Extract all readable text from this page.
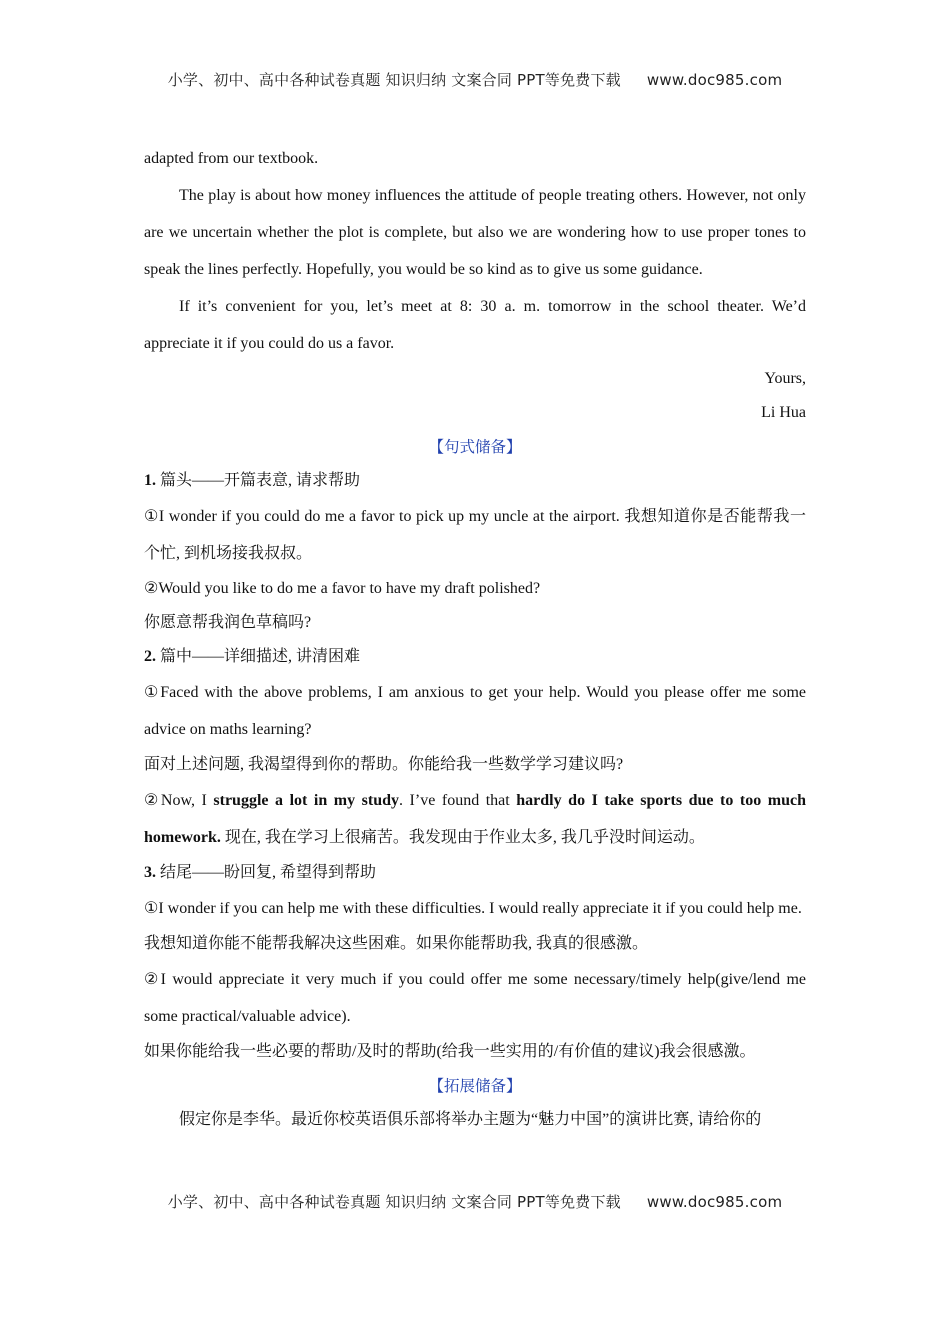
小学、初中、高中各种试卷真题 知识归纳 文案合同 PPT等免费下载 www.doc985.com

adapted from our textbook.

The play is about how money influences the attitude of people treating others. However, not only are we uncertain whether the plot is complete, but also we are wondering how to use proper tones to speak the lines perfectly. Hopefully, you would be so kind as to give us some guidance.

If it’s convenient for you, let’s meet at 8: 30 a. m. tomorrow in the school theater. We’d appreciate it if you could do us a favor.

Yours,

Li Hua

【句式储备】

1. 篇头——开篇表意, 请求帮助

①I wonder if you could do me a favor to pick up my uncle at the airport. 我想知道你是否能帮我一个忙, 到机场接我叔叔。

②Would you like to do me a favor to have my draft polished?

你愿意帮我润色草稿吗?

2. 篇中——详细描述, 讲清困难

①Faced with the above problems, I am anxious to get your help. Would you please offer me some advice on maths learning?

面对上述问题, 我渴望得到你的帮助。你能给我一些数学学习建议吗?

②Now, I struggle a lot in my study. I’ve found that hardly do I take sports due to too much homework. 现在, 我在学习上很痛苦。我发现由于作业太多, 我几乎没时间运动。

3. 结尾——盼回复, 希望得到帮助

①I wonder if you can help me with these difficulties. I would really appreciate it if you could help me.

我想知道你能不能帮我解决这些困难。如果你能帮助我, 我真的很感激。

②I would appreciate it very much if you could offer me some necessary/timely help(give/lend me some practical/valuable advice).

如果你能给我一些必要的帮助/及时的帮助(给我一些实用的/有价值的建议)我会很感激。

【拓展储备】

假定你是李华。最近你校英语俱乐部将举办主题为“魅力中国”的演讲比赛, 请给你的

小学、初中、高中各种试卷真题 知识归纳 文案合同 PPT等免费下载 www.doc985.com
